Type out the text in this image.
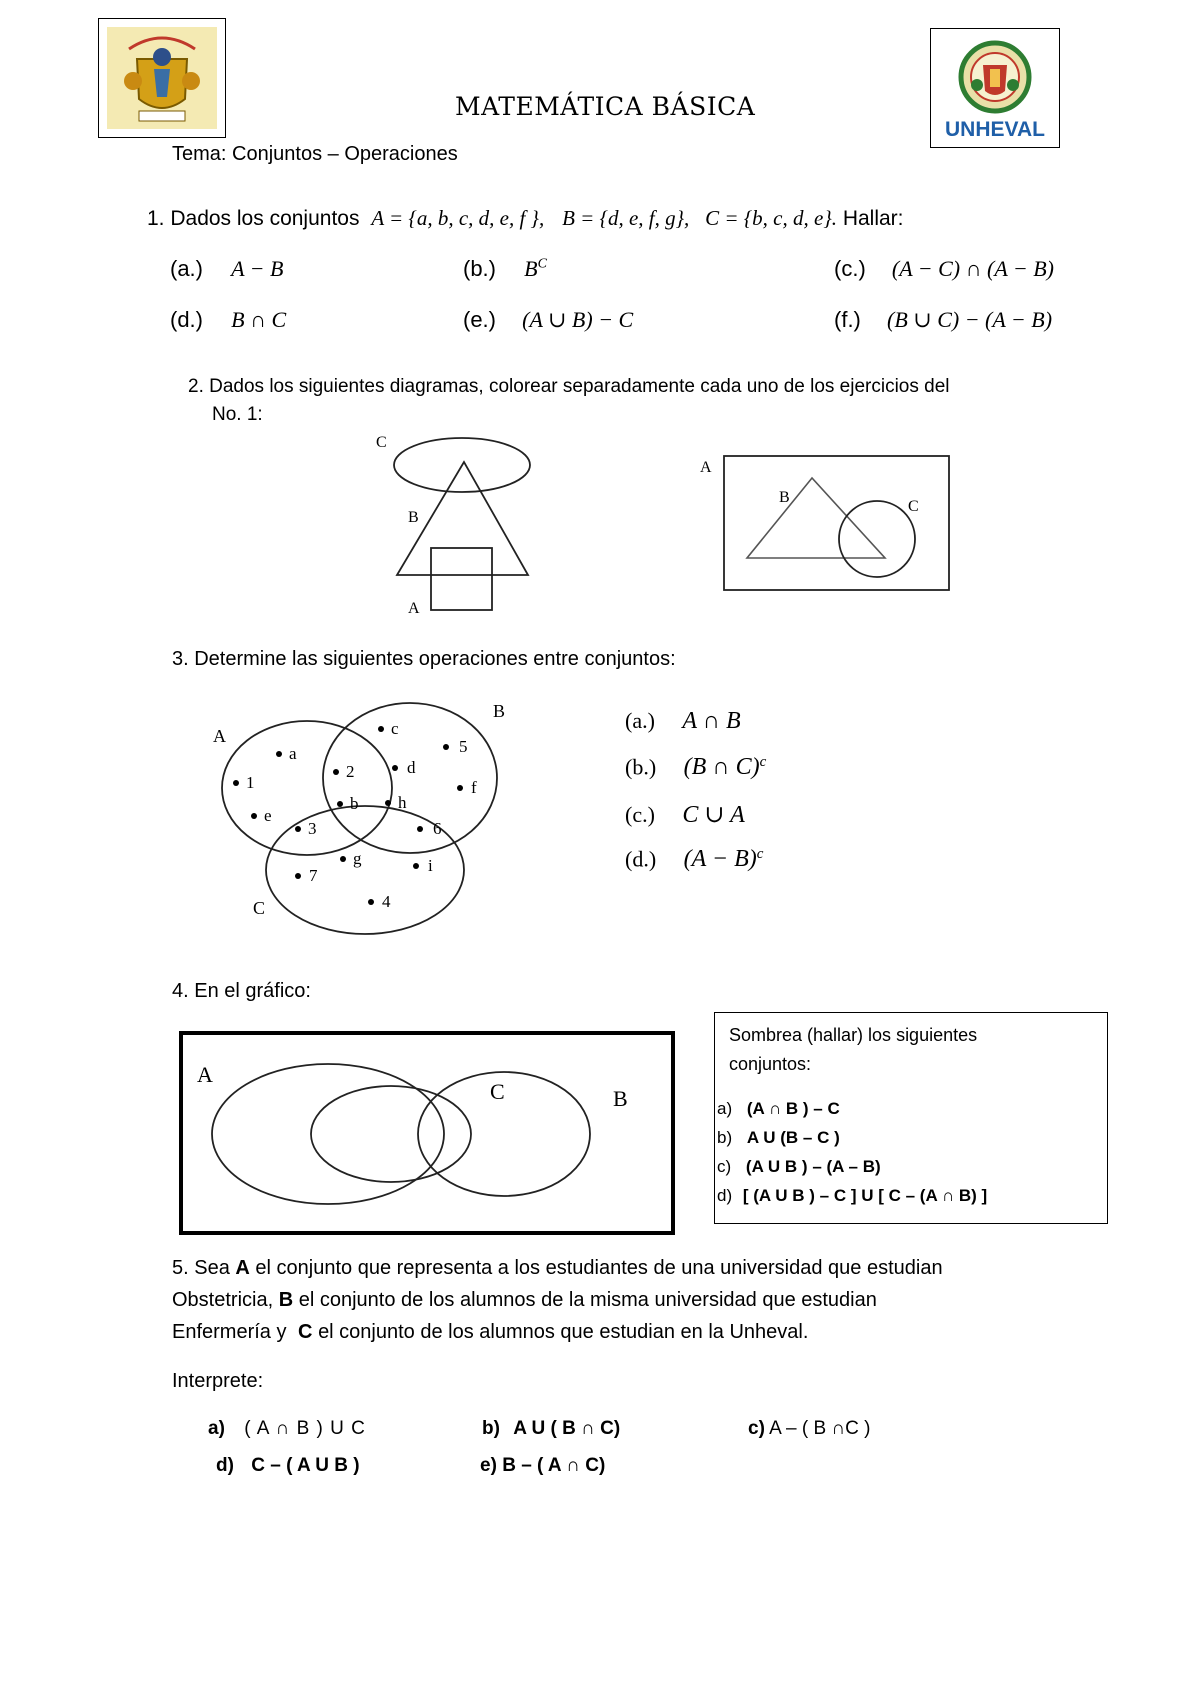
UNHEVAL
MATEMÁTICA BÁSICA
Tema: Conjuntos – Operaciones
1. Dados los conjuntos A = {a, b, c, d, e, f }, B = {d, e, f, g}, C = {b, c, d, e}. Hallar:
(a.) A − B	(b.) $B^C$	(c.) (A − C) ∩ (A − B)
(d.) B ∩ C	(e.) (A ∪ B) − C	(f.) (B ∪ C) − (A − B)
2. Dados los siguientes diagramas, colorear separadamente cada uno de los ejercicios del
No. 1:
C
B
A
A
B
C
3. Determine las siguientes operaciones entre conjuntos:
A
B
C
a
1
e
3
2
b
c
d
5
f
h
6
g	i
7
4
(a.) A ∩ B
(b.) (B ∩ C)$^c$
(c.) C ∪ A
(d.) $(A - B)^c$
4. En el gráfico:
A
C	B
Sombrea (hallar) los siguientes
conjuntos:
a) (A ∩ B ) – C
b) A U (B – C )
c) (A U B ) – (A – B)
d) [ (A U B ) – C ] U [ C – (A ∩ B) ]
5. Sea A el conjunto que representa a los estudiantes de una universidad que estudian
Obstetricia, B el conjunto de los alumnos de la misma universidad que estudian
Enfermería y C el conjunto de los alumnos que estudian en la Unheval.
Interprete:
a) ( A ∩ B ) U C	b) A U ( B ∩ C)	c) A – ( B ∩C )
d) C – ( A U B )	e) B – ( A ∩ C)
